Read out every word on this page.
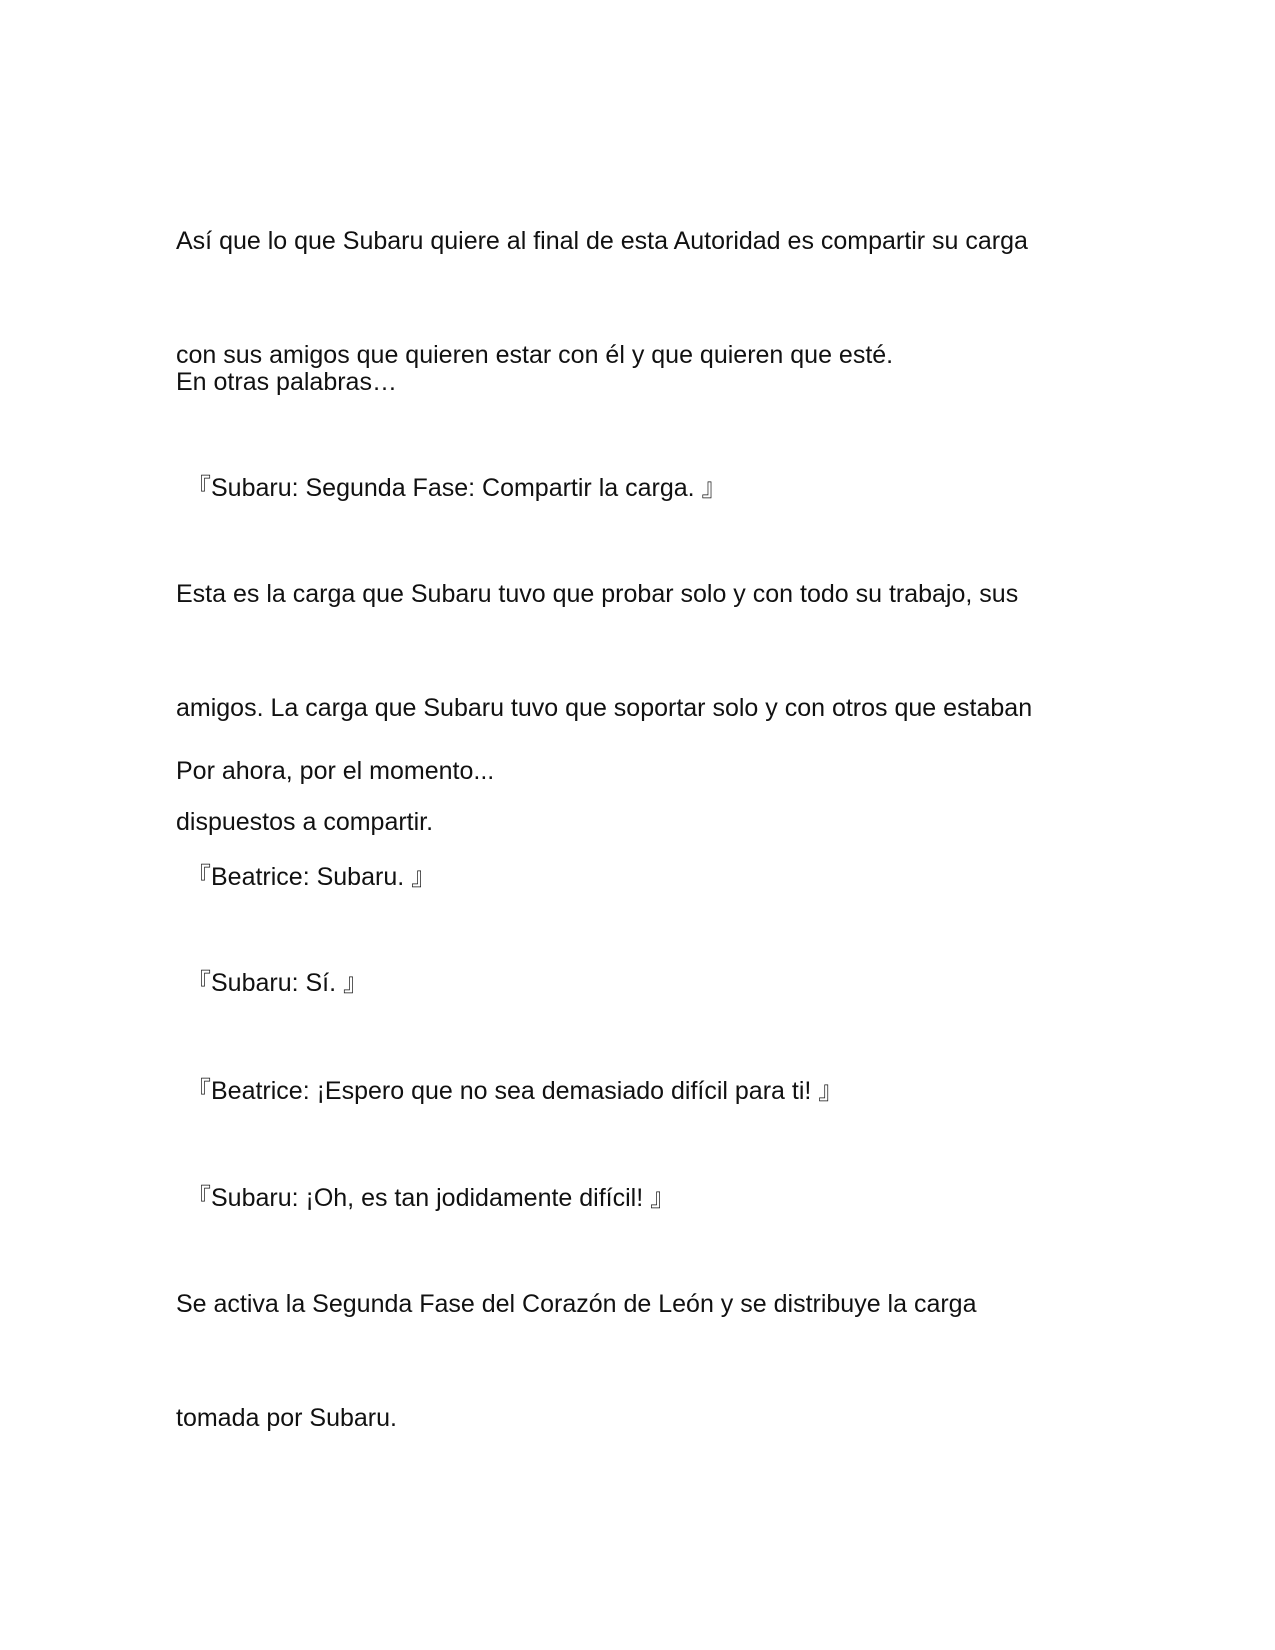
Así que lo que Subaru quiere al final de esta Autoridad es compartir su carga

con sus amigos que quieren estar con él y que quieren que esté.

En otras palabras…

『Subaru: Segunda Fase: Compartir la carga. 』

Esta es la carga que Subaru tuvo que probar solo y con todo su trabajo, sus

amigos. La carga que Subaru tuvo que soportar solo y con otros que estaban

dispuestos a compartir.

Por ahora, por el momento...

『Beatrice: Subaru. 』

『Subaru: Sí. 』

『Beatrice: ¡Espero que no sea demasiado difícil para ti! 』

『Subaru: ¡Oh, es tan jodidamente difícil! 』

Se activa la Segunda Fase del Corazón de León y se distribuye la carga

tomada por Subaru.
